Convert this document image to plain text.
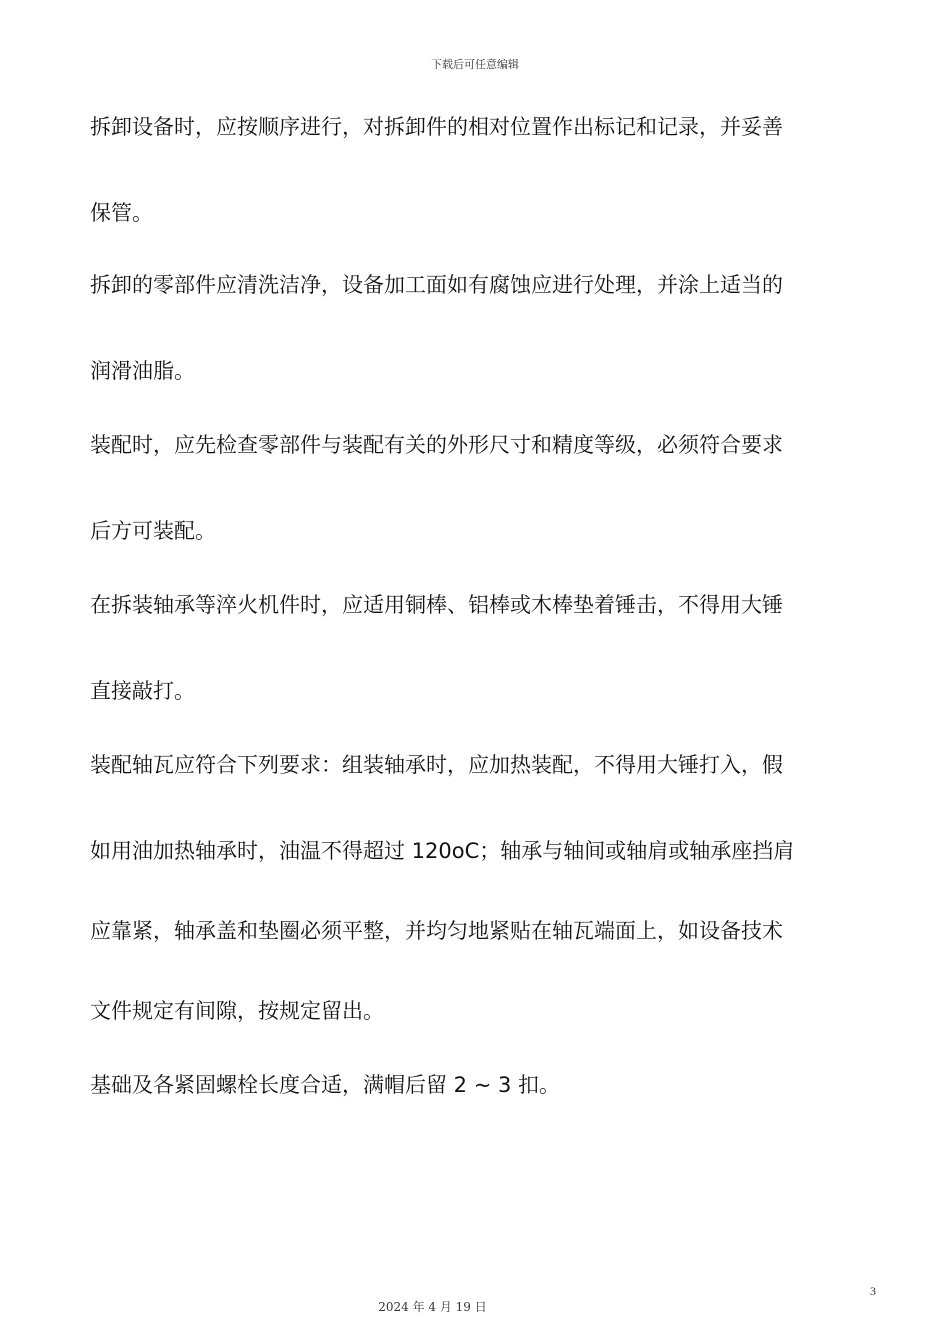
下载后可任意编辑
拆卸设备时，应按顺序进行，对拆卸件的相对位置作出标记和记录，并妥善
保管。
拆卸的零部件应清洗洁净，设备加工面如有腐蚀应进行处理，并涂上适当的
润滑油脂。
装配时，应先检查零部件与装配有关的外形尺寸和精度等级，必须符合要求
后方可装配。
在拆装轴承等淬火机件时，应适用铜棒、铝棒或木棒垫着锤击，不得用大锤
直接敲打。
装配轴瓦应符合下列要求：组装轴承时，应加热装配，不得用大锤打入，假
如用油加热轴承时，油温不得超过 120oC；轴承与轴间或轴肩或轴承座挡肩
应靠紧，轴承盖和垫圈必须平整，并均匀地紧贴在轴瓦端面上，如设备技术
文件规定有间隙，按规定留出。
基础及各紧固螺栓长度合适，满帽后留 2 ~ 3 扣。
3
2024 年 4 月 19 日
